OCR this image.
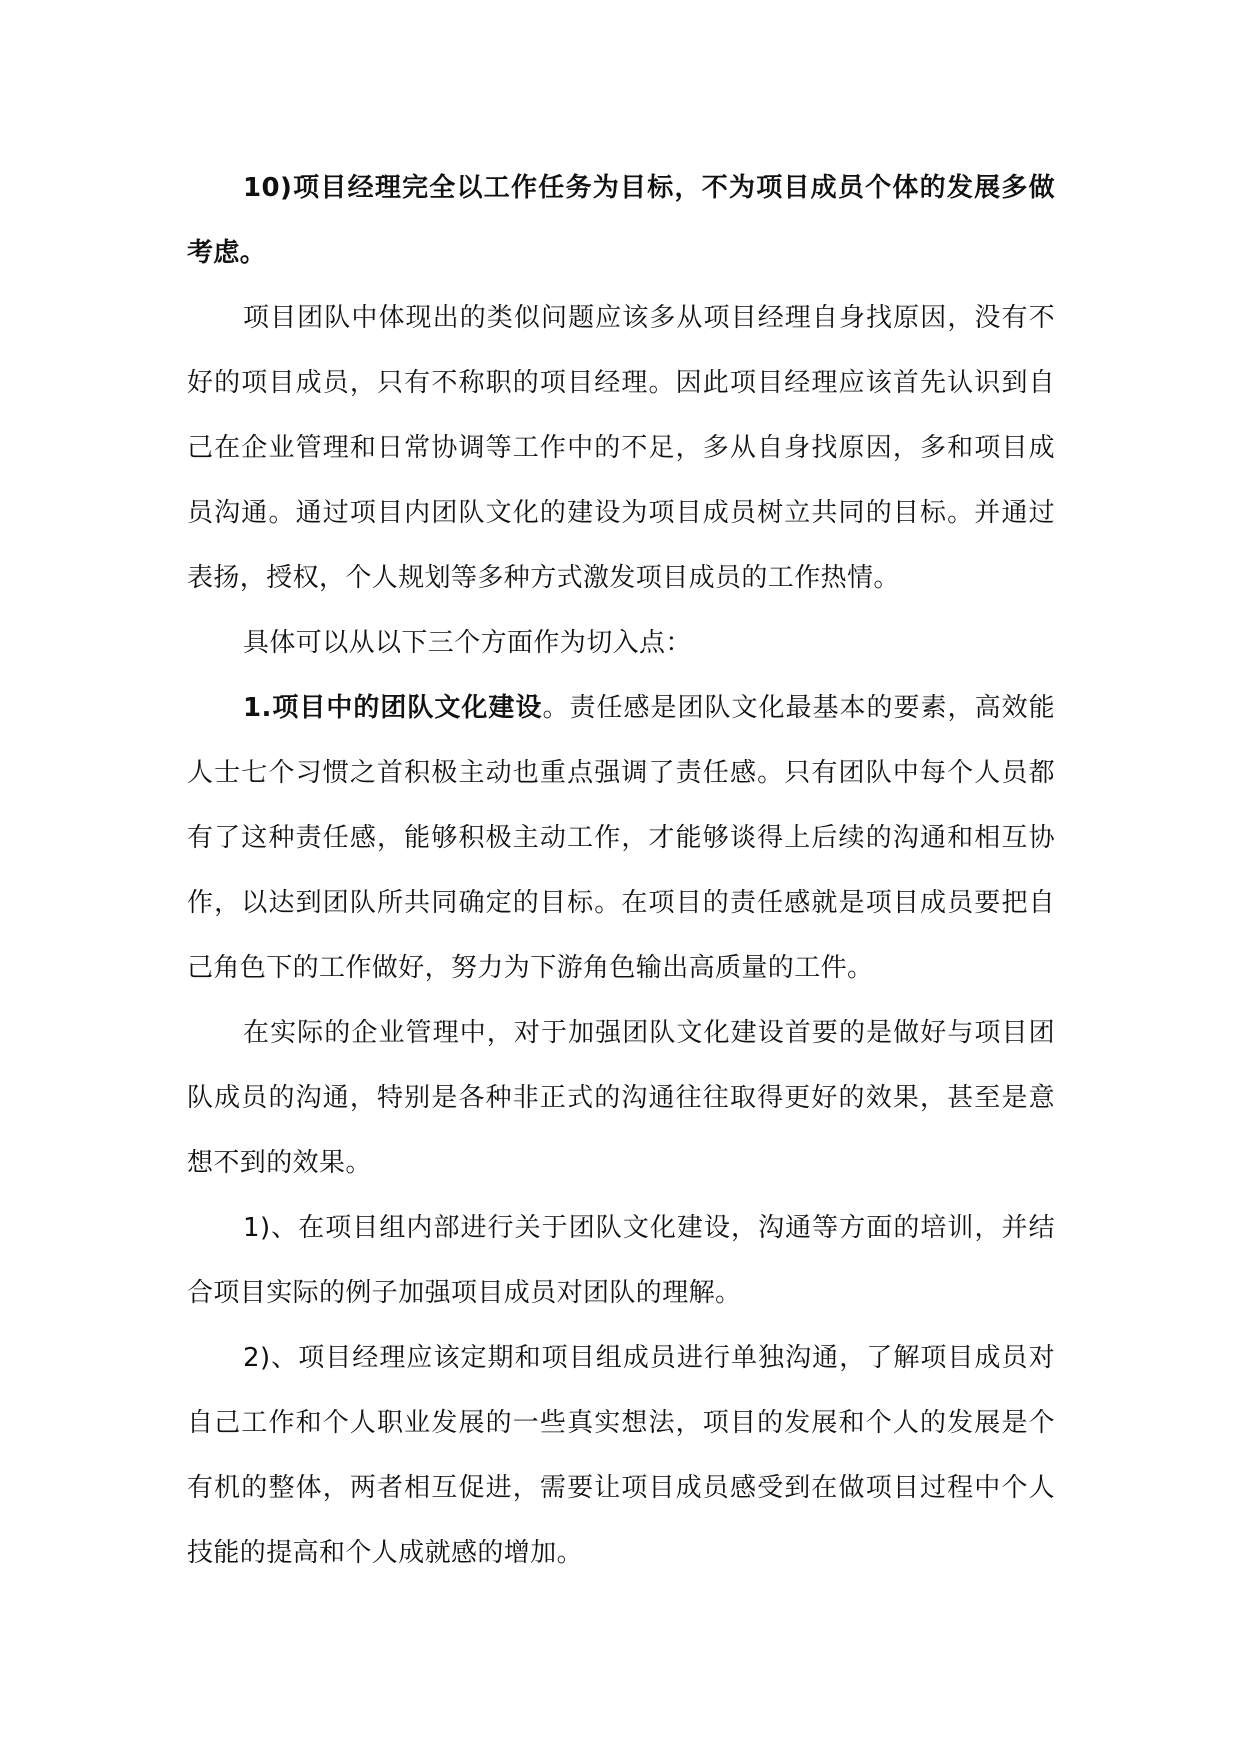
10)项目经理完全以工作任务为目标，不为项目成员个体的发展多做考虑。

项目团队中体现出的类似问题应该多从项目经理自身找原因，没有不好的项目成员，只有不称职的项目经理。因此项目经理应该首先认识到自己在企业管理和日常协调等工作中的不足，多从自身找原因，多和项目成员沟通。通过项目内团队文化的建设为项目成员树立共同的目标。并通过表扬，授权，个人规划等多种方式激发项目成员的工作热情。

具体可以从以下三个方面作为切入点：

1.项目中的团队文化建设。责任感是团队文化最基本的要素，高效能人士七个习惯之首积极主动也重点强调了责任感。只有团队中每个人员都有了这种责任感，能够积极主动工作，才能够谈得上后续的沟通和相互协作，以达到团队所共同确定的目标。在项目的责任感就是项目成员要把自己角色下的工作做好，努力为下游角色输出高质量的工件。

在实际的企业管理中，对于加强团队文化建设首要的是做好与项目团队成员的沟通，特别是各种非正式的沟通往往取得更好的效果，甚至是意想不到的效果。

1)、在项目组内部进行关于团队文化建设，沟通等方面的培训，并结合项目实际的例子加强项目成员对团队的理解。

2)、项目经理应该定期和项目组成员进行单独沟通，了解项目成员对自己工作和个人职业发展的一些真实想法，项目的发展和个人的发展是个有机的整体，两者相互促进，需要让项目成员感受到在做项目过程中个人技能的提高和个人成就感的增加。
